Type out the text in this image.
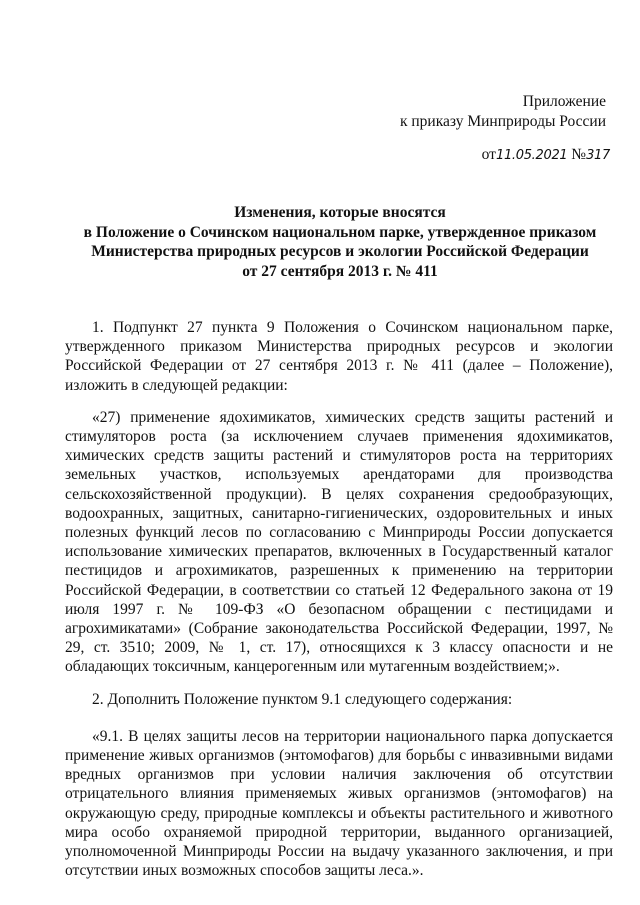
Приложение
к приказу Минприроды России
от11.05.2021 №317
Изменения, которые вносятся
в Положение о Сочинском национальном парке, утвержденное приказом
Министерства природных ресурсов и экологии Российской Федерации
от 27 сентября 2013 г. № 411

1. Подпункт 27 пункта 9 Положения о Сочинском национальном парке, утвержденного приказом Министерства природных ресурсов и экологии Российской Федерации от 27 сентября 2013 г. № 411 (далее – Положение), изложить в следующей редакции:

«27) применение ядохимикатов, химических средств защиты растений и стимуляторов роста (за исключением случаев применения ядохимикатов, химических средств защиты растений и стимуляторов роста на территориях земельных участков, используемых арендаторами для производства сельскохозяйственной продукции). В целях сохранения средообразующих, водоохранных, защитных, санитарно-гигиенических, оздоровительных и иных полезных функций лесов по согласованию с Минприроды России допускается использование химических препаратов, включенных в Государственный каталог пестицидов и агрохимикатов, разрешенных к применению на территории Российской Федерации, в соответствии со статьей 12 Федерального закона от 19 июля 1997 г. № 109-ФЗ «О безопасном обращении с пестицидами и агрохимикатами» (Собрание законодательства Российской Федерации, 1997, № 29, ст. 3510; 2009, № 1, ст. 17), относящихся к 3 классу опасности и не обладающих токсичным, канцерогенным или мутагенным воздействием;».

2. Дополнить Положение пунктом 9.1 следующего содержания:

«9.1. В целях защиты лесов на территории национального парка допускается применение живых организмов (энтомофагов) для борьбы с инвазивными видами вредных организмов при условии наличия заключения об отсутствии отрицательного влияния применяемых живых организмов (энтомофагов) на окружающую среду, природные комплексы и объекты растительного и животного мира особо охраняемой природной территории, выданного организацией, уполномоченной Минприроды России на выдачу указанного заключения, и при отсутствии иных возможных способов защиты леса.».
